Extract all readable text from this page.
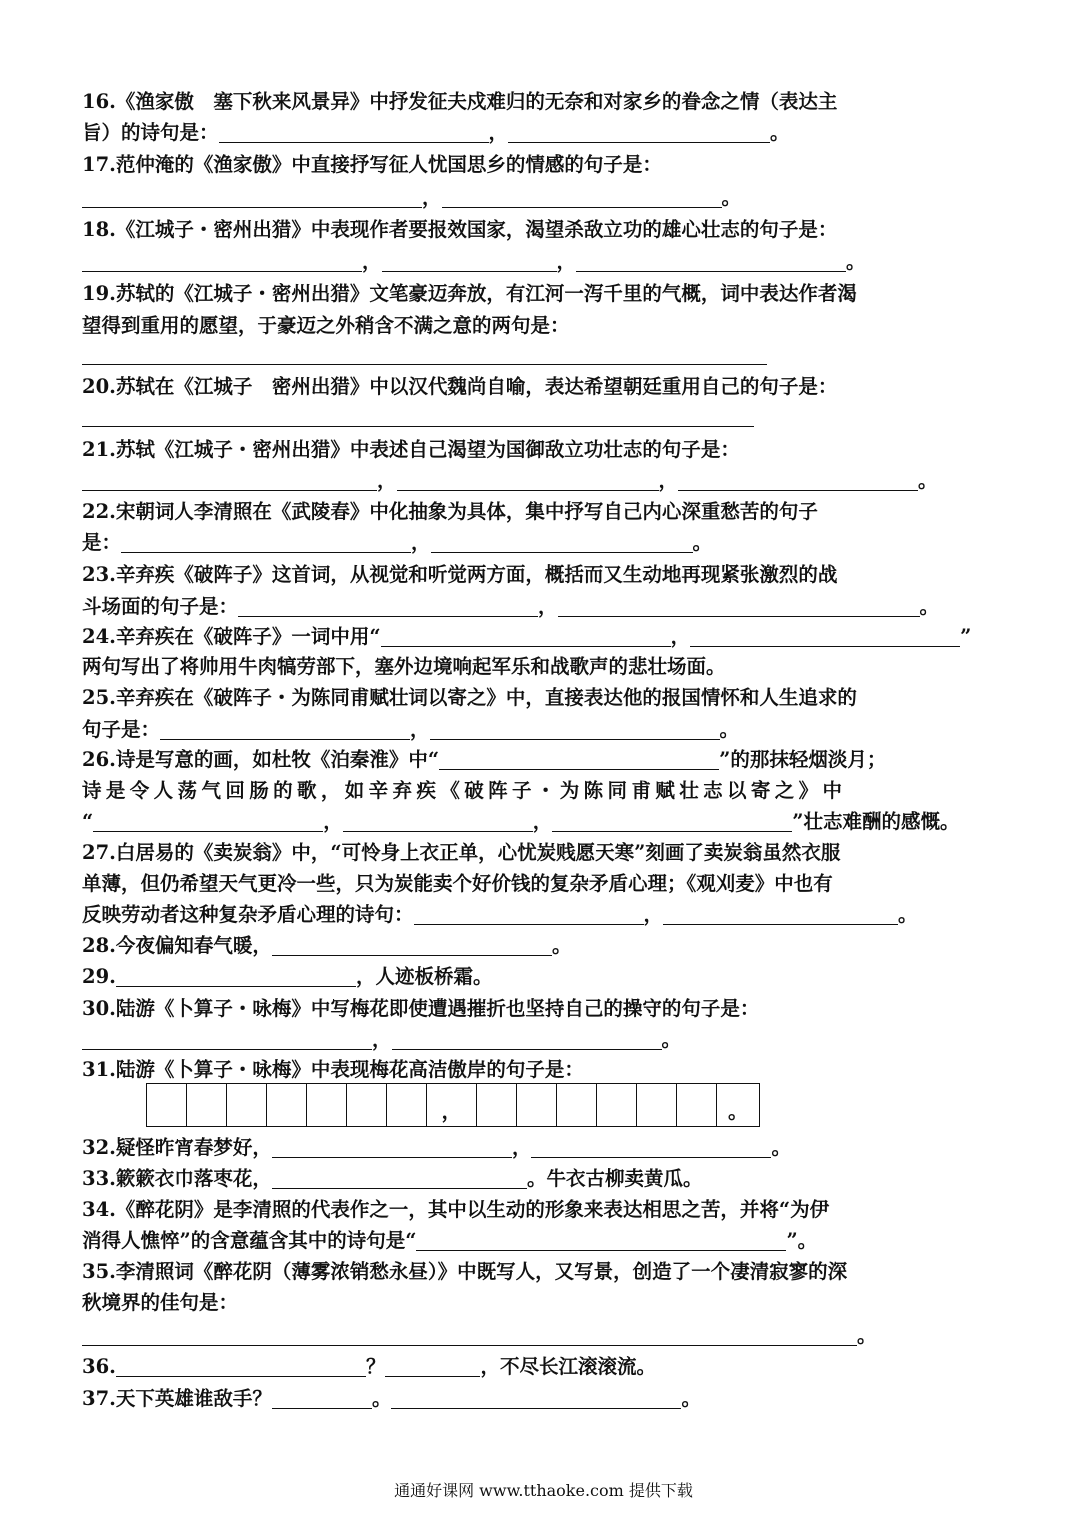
16.《渔家傲　塞下秋来风景异》中抒发征夫戍难归的无奈和对家乡的眷念之情（表达主
旨）的诗句是：	，	。
17.范仲淹的《渔家傲》中直接抒写征人忧国思乡的情感的句子是：
，	。
18.《江城子・密州出猎》中表现作者要报效国家，渴望杀敌立功的雄心壮志的句子是：
，	，	。
19.苏轼的《江城子・密州出猎》文笔豪迈奔放，有江河一泻千里的气概，词中表达作者渴
望得到重用的愿望，于豪迈之外稍含不满之意的两句是：
20.苏轼在《江城子　密州出猎》中以汉代魏尚自喻，表达希望朝廷重用自己的句子是：
21.苏轼《江城子・密州出猎》中表述自己渴望为国御敌立功壮志的句子是：
，	，	。
22.宋朝词人李清照在《武陵春》中化抽象为具体，集中抒写自己内心深重愁苦的句子
是：	，	。
23.辛弃疾《破阵子》这首词，从视觉和听觉两方面，概括而又生动地再现紧张激烈的战
斗场面的句子是：	，	。
24.辛弃疾在《破阵子》一词中用“	，	”
两句写出了将帅用牛肉犒劳部下，塞外边境响起军乐和战歌声的悲壮场面。
25.辛弃疾在《破阵子・为陈同甫赋壮词以寄之》中，直接表达他的报国情怀和人生追求的
句子是：	，	。
26.诗是写意的画，如杜牧《泊秦淮》中“	”的那抹轻烟淡月；
诗 是 令 人 荡 气 回 肠 的 歌 ， 如 辛 弃 疾 《 破 阵 子 ・ 为 陈 同 甫 赋 壮 志 以 寄 之 》 中
“	，	，	”壮志难酬的感慨。
27.白居易的《卖炭翁》中，“可怜身上衣正单，心忧炭贱愿天寒”刻画了卖炭翁虽然衣服
单薄，但仍希望天气更冷一些，只为炭能卖个好价钱的复杂矛盾心理；《观刈麦》中也有
反映劳动者这种复杂矛盾心理的诗句：	，	。
28.今夜偏知春气暖，	。
29.	，人迹板桥霜。
30.陆游《卜算子・咏梅》中写梅花即使遭遇摧折也坚持自己的操守的句子是：
，	。
31.陆游《卜算子・咏梅》中表现梅花高洁傲岸的句子是：
，	。
32.疑怪昨宵春梦好，	，	。
33.簌簌衣巾落枣花，	。牛衣古柳卖黄瓜。
34.《醉花阴》是李清照的代表作之一，其中以生动的形象来表达相思之苦，并将“为伊
消得人憔悴”的含意蕴含其中的诗句是“	”。
35.李清照词《醉花阴（薄雾浓销愁永昼）》中既写人，又写景，创造了一个凄清寂寥的深
秋境界的佳句是：
。
36.	？	，不尽长江滚滚流。
37.天下英雄谁敌手？	。	。
通通好课网 www.tthaoke.com 提供下载
